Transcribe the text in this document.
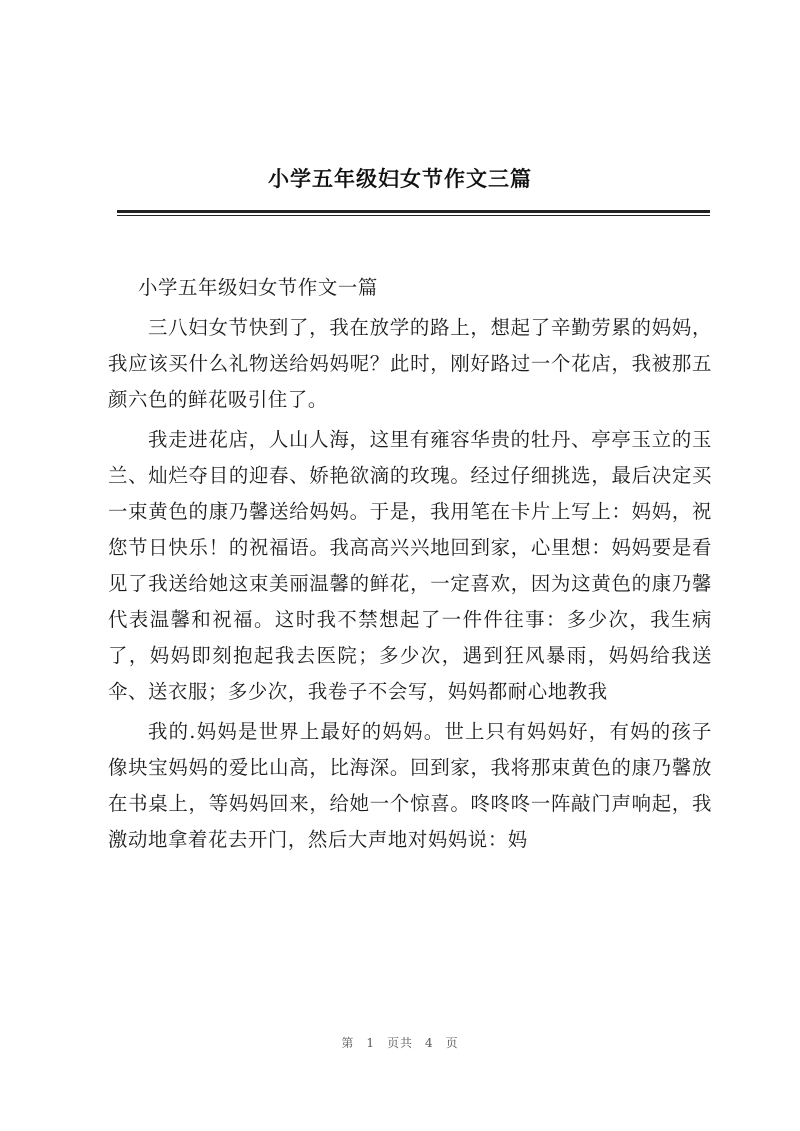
小学五年级妇女节作文三篇
小学五年级妇女节作文一篇

三八妇女节快到了，我在放学的路上，想起了辛勤劳累的妈妈，我应该买什么礼物送给妈妈呢？此时，刚好路过一个花店，我被那五颜六色的鲜花吸引住了。

我走进花店，人山人海，这里有雍容华贵的牡丹、亭亭玉立的玉兰、灿烂夺目的迎春、娇艳欲滴的玫瑰。经过仔细挑选，最后决定买一束黄色的康乃馨送给妈妈。于是，我用笔在卡片上写上：妈妈，祝您节日快乐！的祝福语。我高高兴兴地回到家，心里想：妈妈要是看见了我送给她这束美丽温馨的鲜花，一定喜欢，因为这黄色的康乃馨代表温馨和祝福。这时我不禁想起了一件件往事：多少次，我生病了，妈妈即刻抱起我去医院；多少次，遇到狂风暴雨，妈妈给我送伞、送衣服；多少次，我卷子不会写，妈妈都耐心地教我

我的.妈妈是世界上最好的妈妈。世上只有妈妈好，有妈的孩子像块宝妈妈的爱比山高，比海深。回到家，我将那束黄色的康乃馨放在书桌上，等妈妈回来，给她一个惊喜。咚咚咚一阵敲门声响起，我激动地拿着花去开门，然后大声地对妈妈说：妈

第 1 页共 4 页
